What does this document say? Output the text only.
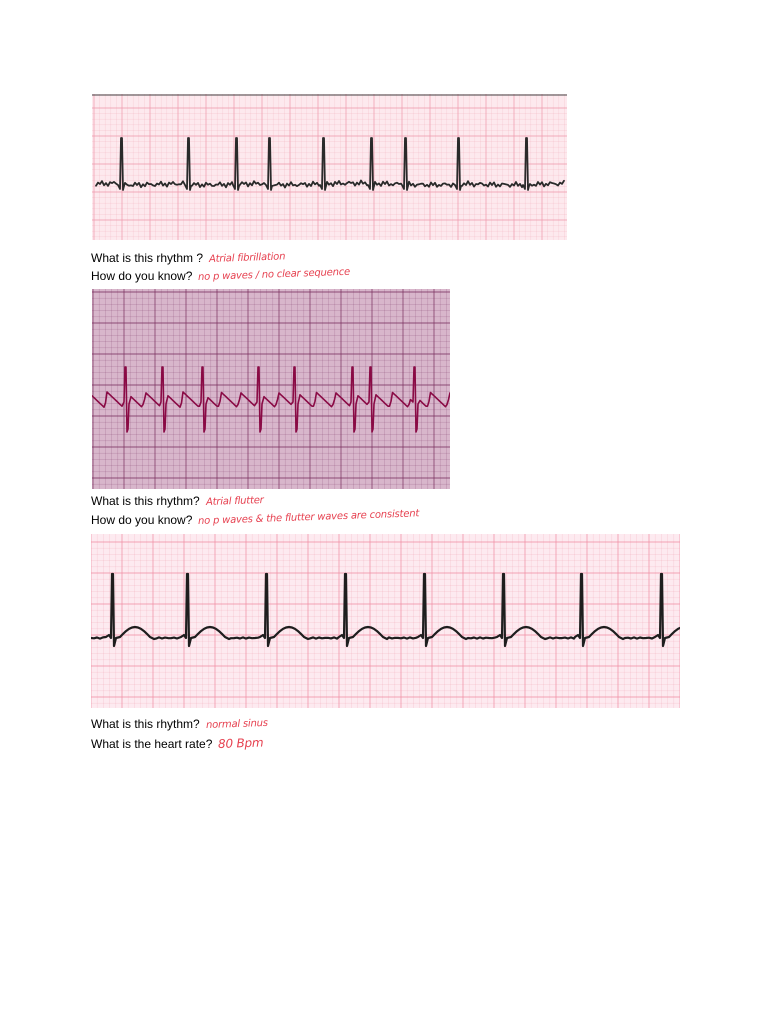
What is this rhythm ? Atrial fibrillation
How do you know? no p waves / no clear sequence
What is this rhythm? Atrial flutter
How do you know? no p waves & the flutter waves are consistent
What is this rhythm? normal sinus
What is the heart rate? 80 Bpm
